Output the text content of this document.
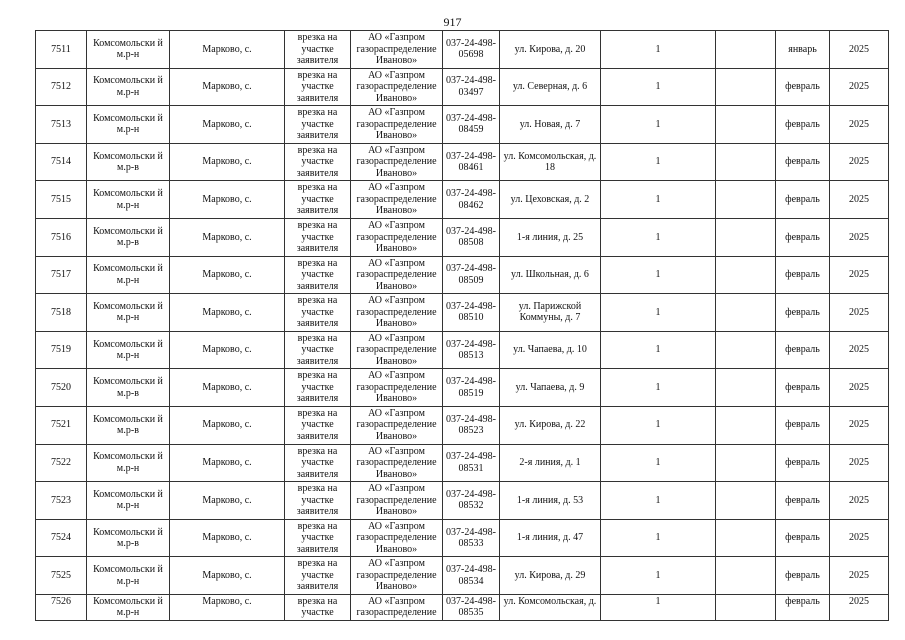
917
7511	Комсомольски й м.р-н	Марково, с.	врезка на участке заявителя	АО «Газпром газораспределение Иваново»	037-24-498-05698	ул. Кирова, д. 20	1		январь	2025
7512	Комсомольски й м.р-н	Марково, с.	врезка на участке заявителя	АО «Газпром газораспределение Иваново»	037-24-498-03497	ул. Северная, д. 6	1		февраль	2025
7513	Комсомольски й м.р-н	Марково, с.	врезка на участке заявителя	АО «Газпром газораспределение Иваново»	037-24-498-08459	ул. Новая, д. 7	1		февраль	2025
7514	Комсомольски й м.р-в	Марково, с.	врезка на участке заявителя	АО «Газпром газораспределение Иваново»	037-24-498-08461	ул. Комсомольская, д. 18	1		февраль	2025
7515	Комсомольски й м.р-н	Марково, с.	врезка на участке заявителя	АО «Газпром газораспределение Иваново»	037-24-498-08462	ул. Цеховская, д. 2	1		февраль	2025
7516	Комсомольски й м.р-в	Марково, с.	врезка на участке заявителя	АО «Газпром газораспределение Иваново»	037-24-498-08508	1-я линия, д. 25	1		февраль	2025
7517	Комсомольски й м.р-н	Марково, с.	врезка на участке заявителя	АО «Газпром газораспределение Иваново»	037-24-498-08509	ул. Школьная, д. 6	1		февраль	2025
7518	Комсомольски й м.р-н	Марково, с.	врезка на участке заявителя	АО «Газпром газораспределение Иваново»	037-24-498-08510	ул. Парижской Коммуны, д. 7	1		февраль	2025
7519	Комсомольски й м.р-н	Марково, с.	врезка на участке заявителя	АО «Газпром газораспределение Иваново»	037-24-498-08513	ул. Чапаева, д. 10	1		февраль	2025
7520	Комсомольски й м.р-в	Марково, с.	врезка на участке заявителя	АО «Газпром газораспределение Иваново»	037-24-498-08519	ул. Чапаева, д. 9	1		февраль	2025
7521	Комсомольски й м.р-в	Марково, с.	врезка на участке заявителя	АО «Газпром газораспределение Иваново»	037-24-498-08523	ул. Кирова, д. 22	1		февраль	2025
7522	Комсомольски й м.р-н	Марково, с.	врезка на участке заявителя	АО «Газпром газораспределение Иваново»	037-24-498-08531	2-я линия, д. 1	1		февраль	2025
7523	Комсомольски й м.р-н	Марково, с.	врезка на участке заявителя	АО «Газпром газораспределение Иваново»	037-24-498-08532	1-я линия, д. 53	1		февраль	2025
7524	Комсомольски й м.р-в	Марково, с.	врезка на участке заявителя	АО «Газпром газораспределение Иваново»	037-24-498-08533	1-я линия, д. 47	1		февраль	2025
7525	Комсомольски й м.р-н	Марково, с.	врезка на участке заявителя	АО «Газпром газораспределение Иваново»	037-24-498-08534	ул. Кирова, д. 29	1		февраль	2025
7526	Комсомольски й м.р-н	Марково, с.	врезка на участке	АО «Газпром газораспределение	037-24-498-08535	ул. Комсомольская, д.	1		февраль	2025
